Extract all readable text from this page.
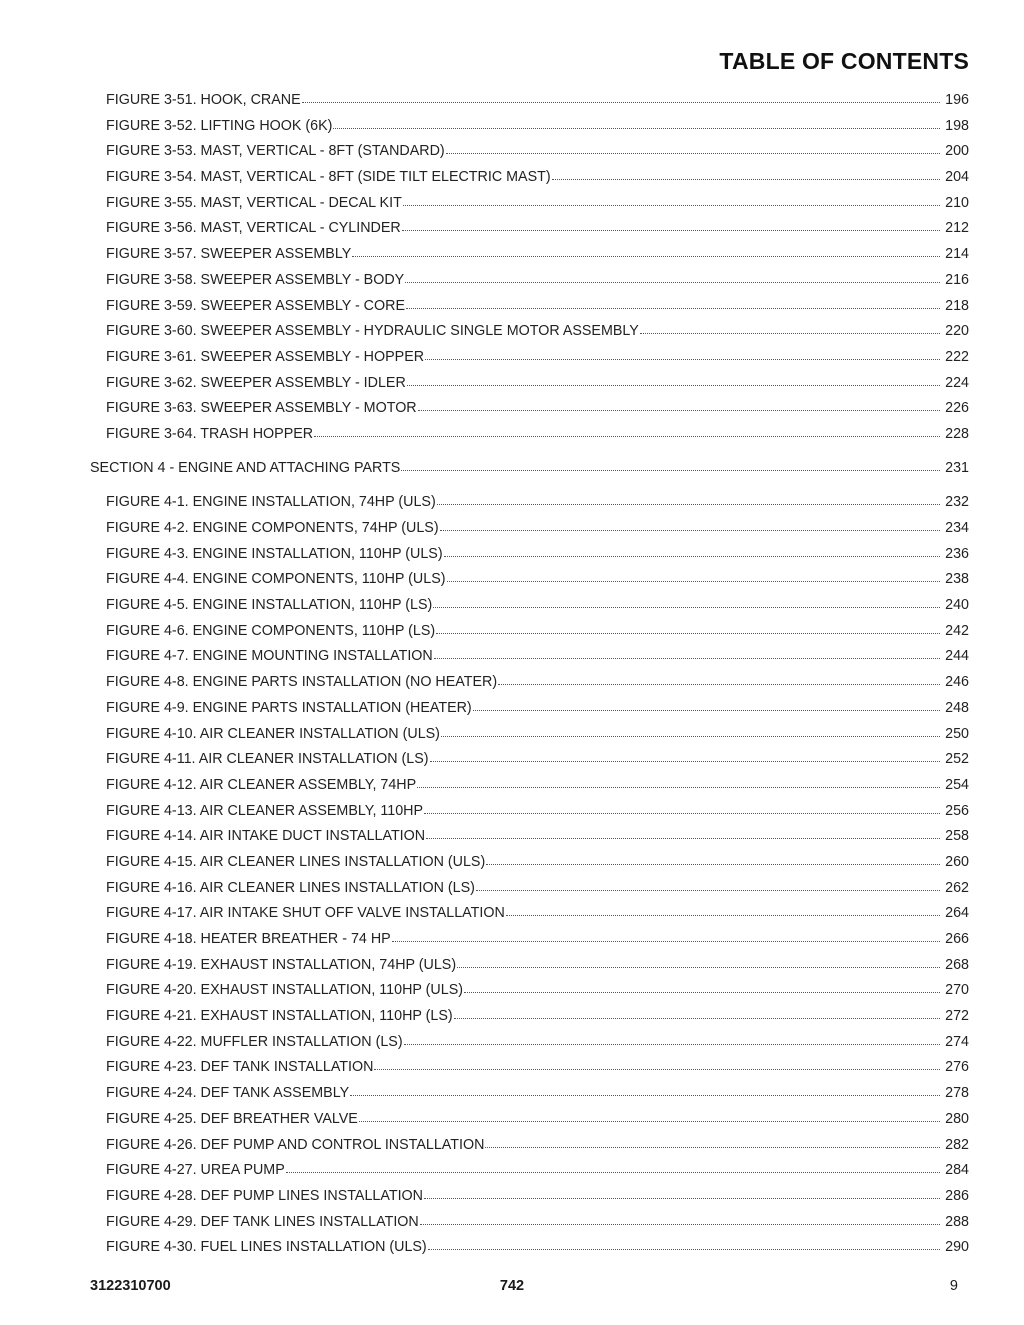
TABLE OF CONTENTS
FIGURE 3-51. HOOK, CRANE	196
FIGURE 3-52. LIFTING HOOK (6K)	198
FIGURE 3-53. MAST, VERTICAL - 8FT (STANDARD)	200
FIGURE 3-54. MAST, VERTICAL - 8FT (SIDE TILT ELECTRIC MAST)	204
FIGURE 3-55. MAST, VERTICAL - DECAL KIT	210
FIGURE 3-56. MAST, VERTICAL - CYLINDER	212
FIGURE 3-57. SWEEPER ASSEMBLY	214
FIGURE 3-58. SWEEPER ASSEMBLY - BODY	216
FIGURE 3-59. SWEEPER ASSEMBLY - CORE	218
FIGURE 3-60. SWEEPER ASSEMBLY - HYDRAULIC SINGLE MOTOR ASSEMBLY	220
FIGURE 3-61. SWEEPER ASSEMBLY - HOPPER	222
FIGURE 3-62. SWEEPER ASSEMBLY - IDLER	224
FIGURE 3-63. SWEEPER ASSEMBLY - MOTOR	226
FIGURE 3-64. TRASH HOPPER	228
SECTION 4 - ENGINE AND ATTACHING PARTS	231
FIGURE 4-1. ENGINE INSTALLATION, 74HP (ULS)	232
FIGURE 4-2. ENGINE COMPONENTS, 74HP (ULS)	234
FIGURE 4-3. ENGINE INSTALLATION, 110HP (ULS)	236
FIGURE 4-4. ENGINE COMPONENTS, 110HP (ULS)	238
FIGURE 4-5. ENGINE INSTALLATION, 110HP (LS)	240
FIGURE 4-6. ENGINE COMPONENTS, 110HP (LS)	242
FIGURE 4-7. ENGINE MOUNTING INSTALLATION	244
FIGURE 4-8. ENGINE PARTS INSTALLATION (NO HEATER)	246
FIGURE 4-9. ENGINE PARTS INSTALLATION (HEATER)	248
FIGURE 4-10. AIR CLEANER INSTALLATION (ULS)	250
FIGURE 4-11. AIR CLEANER INSTALLATION (LS)	252
FIGURE 4-12. AIR CLEANER ASSEMBLY, 74HP	254
FIGURE 4-13. AIR CLEANER ASSEMBLY, 110HP	256
FIGURE 4-14. AIR INTAKE DUCT INSTALLATION	258
FIGURE 4-15. AIR CLEANER LINES INSTALLATION (ULS)	260
FIGURE 4-16. AIR CLEANER LINES INSTALLATION (LS)	262
FIGURE 4-17. AIR INTAKE SHUT OFF VALVE INSTALLATION	264
FIGURE 4-18. HEATER BREATHER - 74 HP	266
FIGURE 4-19. EXHAUST INSTALLATION, 74HP (ULS)	268
FIGURE 4-20. EXHAUST INSTALLATION, 110HP (ULS)	270
FIGURE 4-21. EXHAUST INSTALLATION, 110HP (LS)	272
FIGURE 4-22. MUFFLER INSTALLATION (LS)	274
FIGURE 4-23. DEF TANK INSTALLATION	276
FIGURE 4-24. DEF TANK ASSEMBLY	278
FIGURE 4-25. DEF BREATHER VALVE	280
FIGURE 4-26. DEF PUMP AND CONTROL INSTALLATION	282
FIGURE 4-27. UREA PUMP	284
FIGURE 4-28. DEF PUMP LINES INSTALLATION	286
FIGURE 4-29. DEF TANK LINES INSTALLATION	288
FIGURE 4-30. FUEL LINES INSTALLATION (ULS)	290
3122310700	742	9
